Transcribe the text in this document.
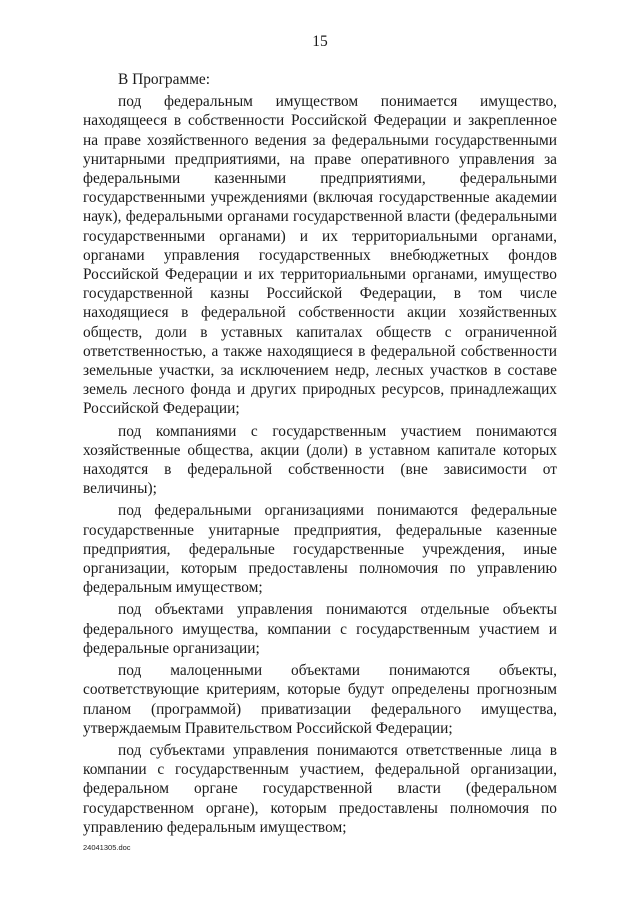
15

В Программе:

под федеральным имуществом понимается имущество, находящееся в собственности Российской Федерации и закрепленное на праве хозяйственного ведения за федеральными государственными унитарными предприятиями, на праве оперативного управления за федеральными казенными предприятиями, федеральными государственными учреждениями (включая государственные академии наук), федеральными органами государственной власти (федеральными государственными органами) и их территориальными органами, органами управления государственных внебюджетных фондов Российской Федерации и их территориальными органами, имущество государственной казны Российской Федерации, в том числе находящиеся в федеральной собственности акции хозяйственных обществ, доли в уставных капиталах обществ с ограниченной ответственностью, а также находящиеся в федеральной собственности земельные участки, за исключением недр, лесных участков в составе земель лесного фонда и других природных ресурсов, принадлежащих Российской Федерации;

под компаниями с государственным участием понимаются хозяйственные общества, акции (доли) в уставном капитале которых находятся в федеральной собственности (вне зависимости от величины);

под федеральными организациями понимаются федеральные государственные унитарные предприятия, федеральные казенные предприятия, федеральные государственные учреждения, иные организации, которым предоставлены полномочия по управлению федеральным имуществом;

под объектами управления понимаются отдельные объекты федерального имущества, компании с государственным участием и федеральные организации;

под малоценными объектами понимаются объекты, соответствующие критериям, которые будут определены прогнозным планом (программой) приватизации федерального имущества, утверждаемым Правительством Российской Федерации;

под субъектами управления понимаются ответственные лица в компании с государственным участием, федеральной организации, федеральном органе государственной власти (федеральном государственном органе), которым предоставлены полномочия по управлению федеральным имуществом;

24041305.doc
